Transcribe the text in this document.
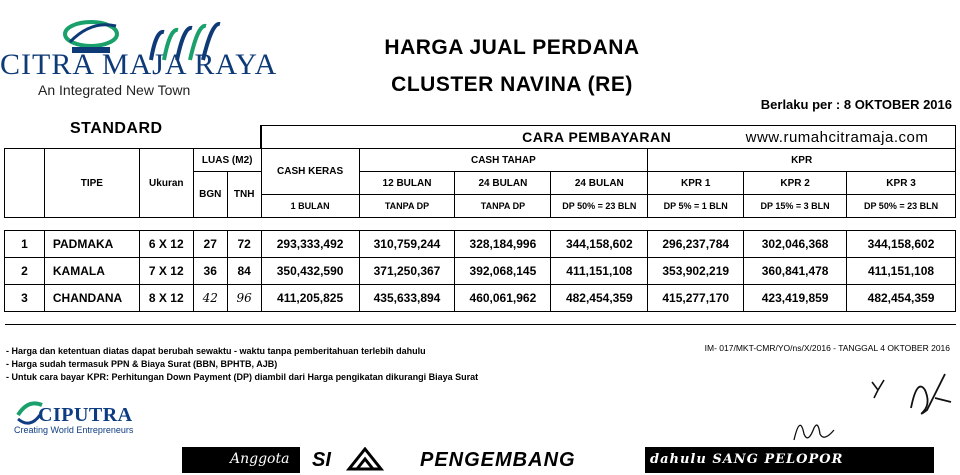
CITRA MAJA RAYA
An Integrated New Town
HARGA JUAL PERDANA
CLUSTER NAVINA (RE)
Berlaku per : 8 OKTOBER 2016
STANDARD
					CARA PEMBAYARAN www.rumahcitramaja.com						
	TIPE	Ukuran	LUAS (M2)		CASH KERAS	CASH TAHAP			KPR		
			BGN	TNH		12 BULAN	24 BULAN	24 BULAN	KPR 1	KPR 2	KPR 3
					1 BULAN	TANPA DP	TANPA DP	DP 50% = 23 BLN	DP 5% = 1 BLN	DP 15% = 3 BLN	DP 50% = 23 BLN

1	PADMAKA	6 X 12	27	72	293,333,492	310,759,244	328,184,996	344,158,602	296,237,784	302,046,368	344,158,602
2	KAMALA	7 X 12	36	84	350,432,590	371,250,367	392,068,145	411,151,108	353,902,219	360,841,478	411,151,108
3	CHANDANA	8 X 12	42	96	411,205,825	435,633,894	460,061,962	482,454,359	415,277,170	423,419,859	482,454,359

- Harga dan ketentuan diatas dapat berubah sewaktu - waktu tanpa pemberitahuan terlebih dahulu
- Harga sudah termasuk PPN & Biaya Surat (BBN, BPHTB, AJB)
- Untuk cara bayar KPR: Perhitungan Down Payment (DP) diambil dari Harga pengikatan dikurangi Biaya Surat
IM- 017/MKT-CMR/YO/ns/X/2016 - TANGGAL 4 OKTOBER 2016
CIPUTRA
Creating World Entrepreneurs
Anggota SI	PENGEMBANG	dahulu SANG PELOPOR
